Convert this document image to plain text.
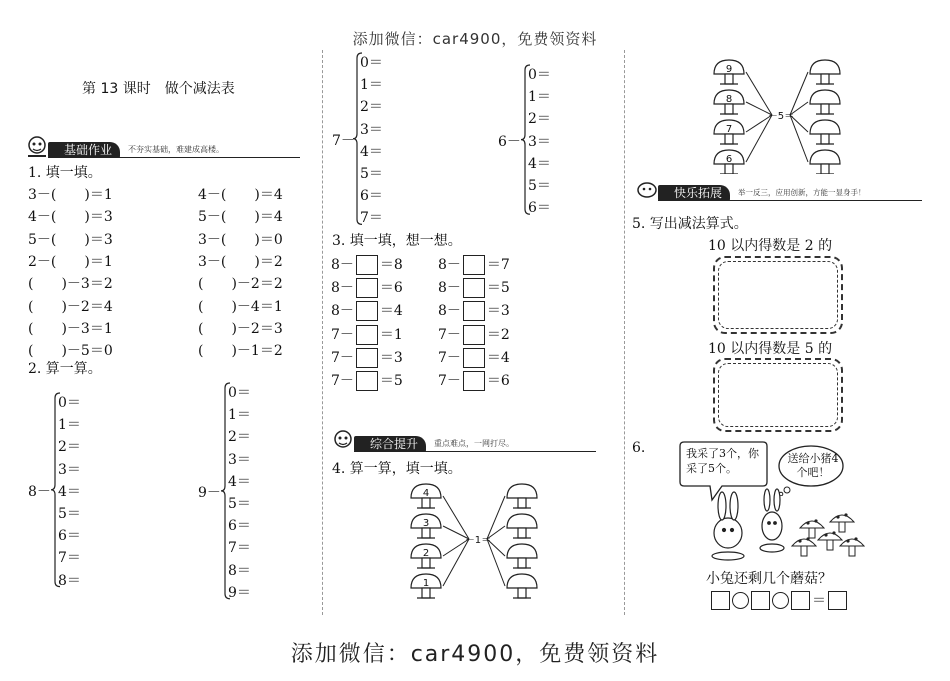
添加微信：car4900，免费领资料
添加微信：car4900，免费领资料
第 13 课时　做个减法表
基础作业	不夯实基础，难建成高楼。
1. 填一填。
3－(　　)＝1
4－(　　)＝3
5－(　　)＝3
2－(　　)＝1
(　　)－3＝2
(　　)－2＝4
(　　)－3＝1
(　　)－5＝0
4－(　　)＝4
5－(　　)＝4
3－(　　)＝0
3－(　　)＝2
(　　)－2＝2
(　　)－4＝1
(　　)－2＝3
(　　)－1＝2
2. 算一算。
8－
0＝
1＝
2＝
3＝
4＝
5＝
6＝
7＝
8＝
9－
0＝
1＝
2＝
3＝
4＝
5＝
6＝
7＝
8＝
9＝
7－
0＝
1＝
2＝
3＝
4＝
5＝
6＝
7＝
6－
0＝
1＝
2＝
3＝
4＝
5＝
6＝
3. 填一填，想一想。
8－ ＝8	8－ ＝7
8－ ＝6	8－ ＝5
8－ ＝4	8－ ＝3
7－ ＝1	7－ ＝2
7－ ＝3	7－ ＝4
7－ ＝5	7－ ＝6
综合提升	重点难点，一网打尽。
4. 算一算，填一填。
4
3
2
1
－1＝
9
8
7
6
－5＝
快乐拓展	举一反三，应用创新，方能一显身手！
5. 写出减法算式。
10 以内得数是 2 的
10 以内得数是 5 的
6.	我采了3个，你采了5个。
送给小猪4个吧！
小兔还剩几个蘑菇？
＝
